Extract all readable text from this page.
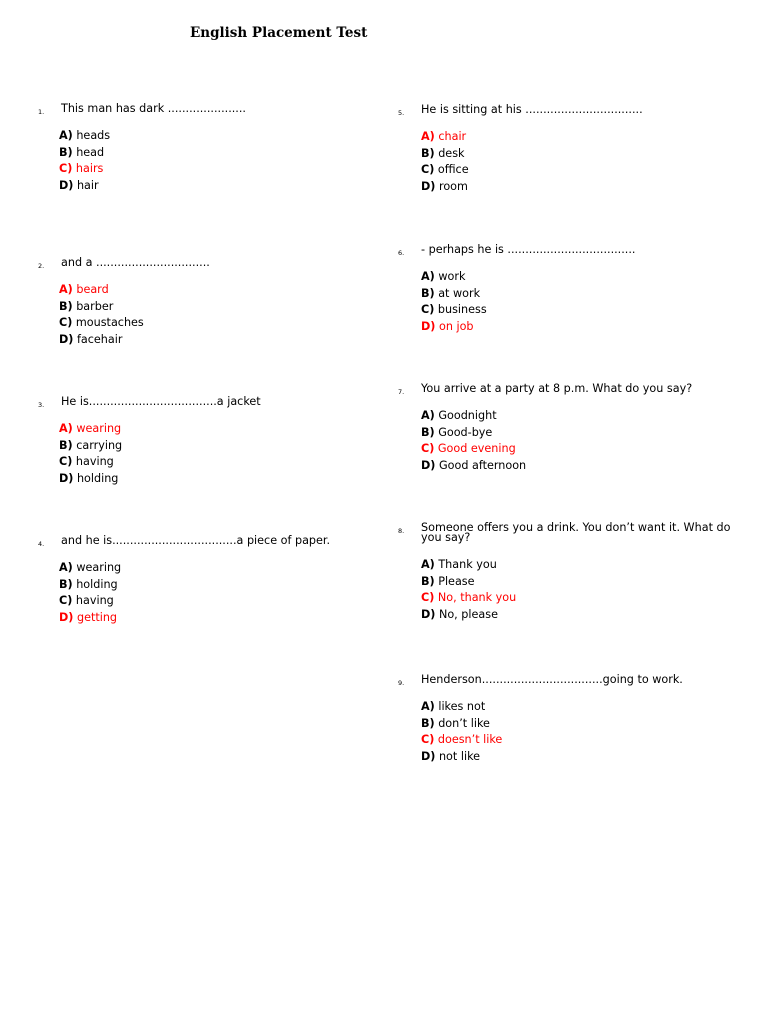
English Placement Test
1. This man has dark ......................
A) heads
B) head
C) hairs
D) hair
2. and a ................................
A) beard
B) barber
C) moustaches
D) facehair
3. He is....................................a jacket
A) wearing
B) carrying
C) having
D) holding
4. and he is...................................a piece of paper.
A) wearing
B) holding
C) having
D) getting
5. He is sitting at his .................................
A) chair
B) desk
C) office
D) room
6. - perhaps he is ....................................
A) work
B) at work
C) business
D) on job
7. You arrive at a party at 8 p.m. What do you say?
A) Goodnight
B) Good-bye
C) Good evening
D) Good afternoon
8. Someone offers you a drink. You don’t want it. What do you say?
A) Thank you
B) Please
C) No, thank you
D) No, please
9. Henderson..................................going to work.
A) likes not
B) don’t like
C) doesn’t like
D) not like
